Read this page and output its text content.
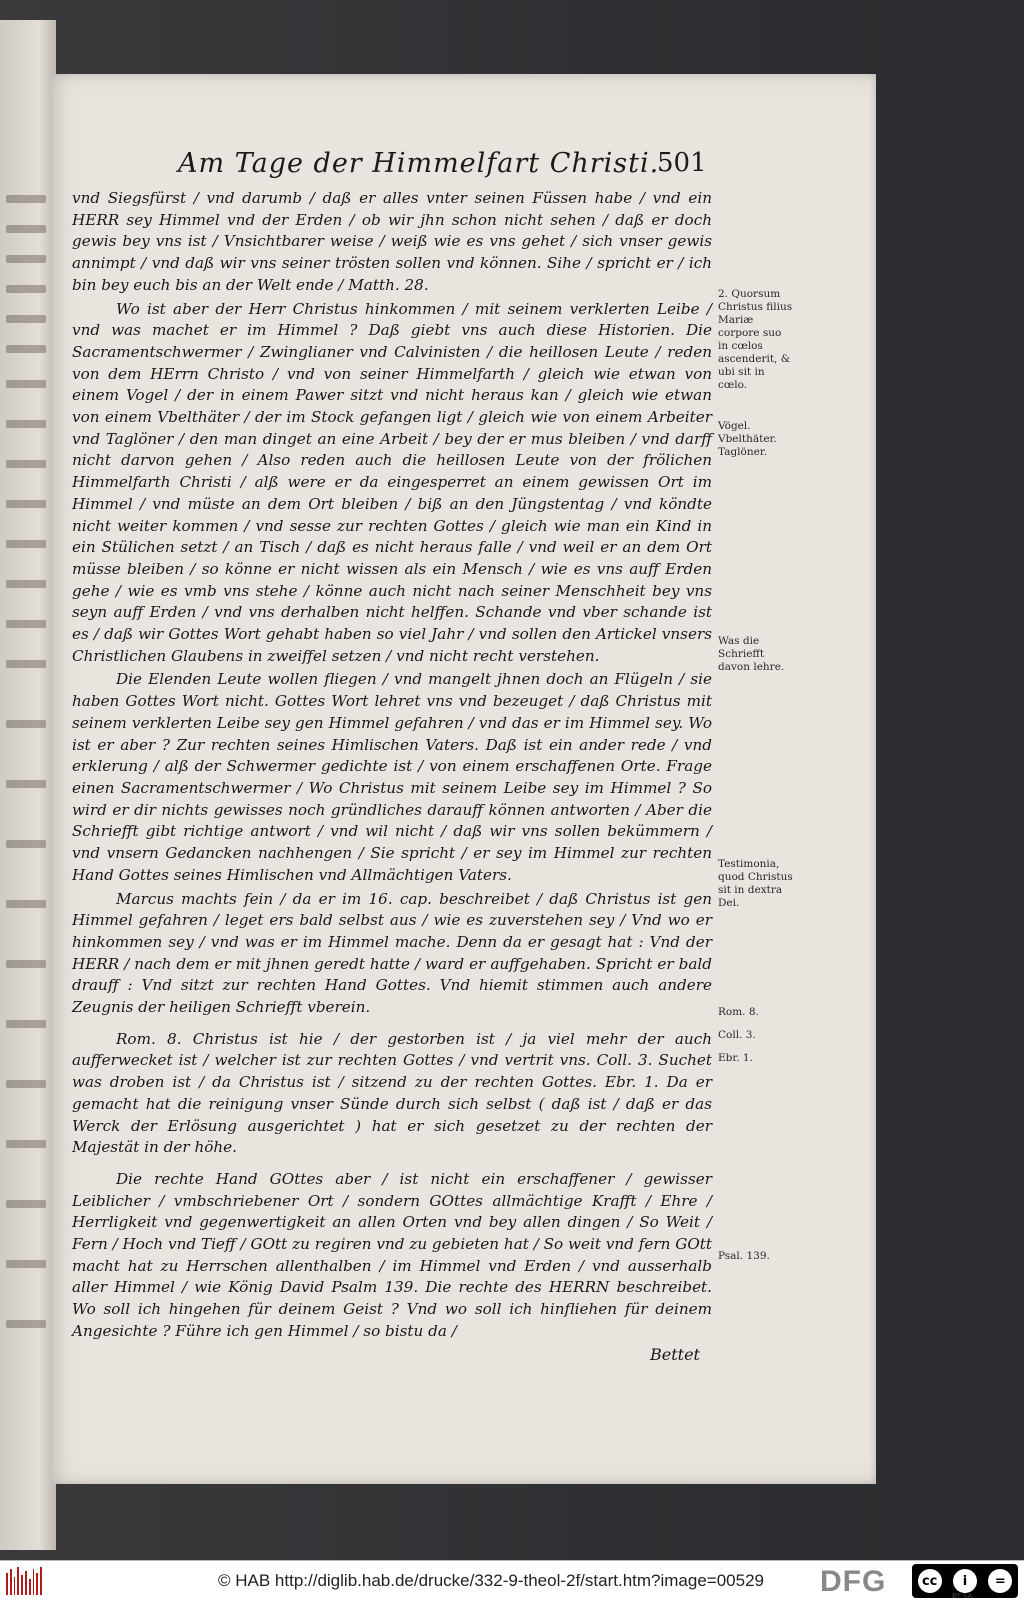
Am Tage der Himmelfart Christi.
501

vnd Siegsfürst / vnd darumb / daß er alles vnter seinen Füssen habe / vnd ein HERR sey Himmel vnd der Erden / ob wir jhn schon nicht sehen / daß er doch gewis bey vns ist / Vnsichtbarer weise / weiß wie es vns gehet / sich vnser gewis annimpt / vnd daß wir vns seiner trösten sollen vnd können. Sihe / spricht er / ich bin bey euch bis an der Welt ende / Matth. 28.

Wo ist aber der Herr Christus hinkommen / mit seinem verklerten Leibe / vnd was machet er im Himmel ? Daß giebt vns auch diese Historien. Die Sacramentschwermer / Zwinglianer vnd Calvinisten / die heillosen Leute / reden von dem HErrn Christo / vnd von seiner Himmelfarth / gleich wie etwan von einem Vogel / der in einem Pawer sitzt vnd nicht heraus kan / gleich wie etwan von einem Vbelthäter / der im Stock gefangen ligt / gleich wie von einem Arbeiter vnd Taglöner / den man dinget an eine Arbeit / bey der er mus bleiben / vnd darff nicht darvon gehen / Also reden auch die heillosen Leute von der frölichen Himmelfarth Christi / alß were er da eingesperret an einem gewissen Ort im Himmel / vnd müste an dem Ort bleiben / biß an den Jüngstentag / vnd köndte nicht weiter kommen / vnd sesse zur rechten Gottes / gleich wie man ein Kind in ein Stülichen setzt / an Tisch / daß es nicht heraus falle / vnd weil er an dem Ort müsse bleiben / so könne er nicht wissen als ein Mensch / wie es vns auff Erden gehe / wie es vmb vns stehe / könne auch nicht nach seiner Menschheit bey vns seyn auff Erden / vnd vns derhalben nicht helffen. Schande vnd vber schande ist es / daß wir Gottes Wort gehabt haben so viel Jahr / vnd sollen den Artickel vnsers Christlichen Glaubens in zweiffel setzen / vnd nicht recht verstehen.

Die Elenden Leute wollen fliegen / vnd mangelt jhnen doch an Flügeln / sie haben Gottes Wort nicht. Gottes Wort lehret vns vnd bezeuget / daß Christus mit seinem verklerten Leibe sey gen Himmel gefahren / vnd das er im Himmel sey. Wo ist er aber ? Zur rechten seines Himlischen Vaters. Daß ist ein ander rede / vnd erklerung / alß der Schwermer gedichte ist / von einem erschaffenen Orte. Frage einen Sacramentschwermer / Wo Christus mit seinem Leibe sey im Himmel ? So wird er dir nichts gewisses noch gründliches darauff können antworten / Aber die Schriefft gibt richtige antwort / vnd wil nicht / daß wir vns sollen bekümmern / vnd vnsern Gedancken nachhengen / Sie spricht / er sey im Himmel zur rechten Hand Gottes seines Himlischen vnd Allmächtigen Vaters.

Marcus machts fein / da er im 16. cap. beschreibet / daß Christus ist gen Himmel gefahren / leget ers bald selbst aus / wie es zuverstehen sey / Vnd wo er hinkommen sey / vnd was er im Himmel mache. Denn da er gesagt hat : Vnd der HERR / nach dem er mit jhnen geredt hatte / ward er auffgehaben. Spricht er bald drauff : Vnd sitzt zur rechten Hand Gottes. Vnd hiemit stimmen auch andere Zeugnis der heiligen Schriefft vberein.

Rom. 8. Christus ist hie / der gestorben ist / ja viel mehr der auch aufferwecket ist / welcher ist zur rechten Gottes / vnd vertrit vns. Coll. 3. Suchet was droben ist / da Christus ist / sitzend zu der rechten Gottes. Ebr. 1. Da er gemacht hat die reinigung vnser Sünde durch sich selbst ( daß ist / daß er das Werck der Erlösung ausgerichtet ) hat er sich gesetzet zu der rechten der Majestät in der höhe.

Die rechte Hand GOttes aber / ist nicht ein erschaffener / gewisser Leiblicher / vmbschriebener Ort / sondern GOttes allmächtige Krafft / Ehre / Herrligkeit vnd gegenwertigkeit an allen Orten vnd bey allen dingen / So Weit / Fern / Hoch vnd Tieff / GOtt zu regiren vnd zu gebieten hat / So weit vnd fern GOtt macht hat zu Herrschen allenthalben / im Himmel vnd Erden / vnd ausserhalb aller Himmel / wie König David Psalm 139. Die rechte des HERRN beschreibet. Wo soll ich hingehen für deinem Geist ? Vnd wo soll ich hinfliehen für deinem Angesichte ? Führe ich gen Himmel / so bistu da /

2. Quorsum Christus filius Mariæ corpore suo in cœlos ascenderit, & ubi sit in cœlo.
Vögel.
Vbelthäter.
Taglöner.
Was die Schriefft davon lehre.
Testimonia, quod Christus sit in dextra Dei.
Rom. 8.
Coll. 3.
Ebr. 1.
Psal. 139.
Bettet
© HAB http://diglib.hab.de/drucke/332-9-theol-2f/start.htm?image=00529 DFG	cc	i	=
BY SA
